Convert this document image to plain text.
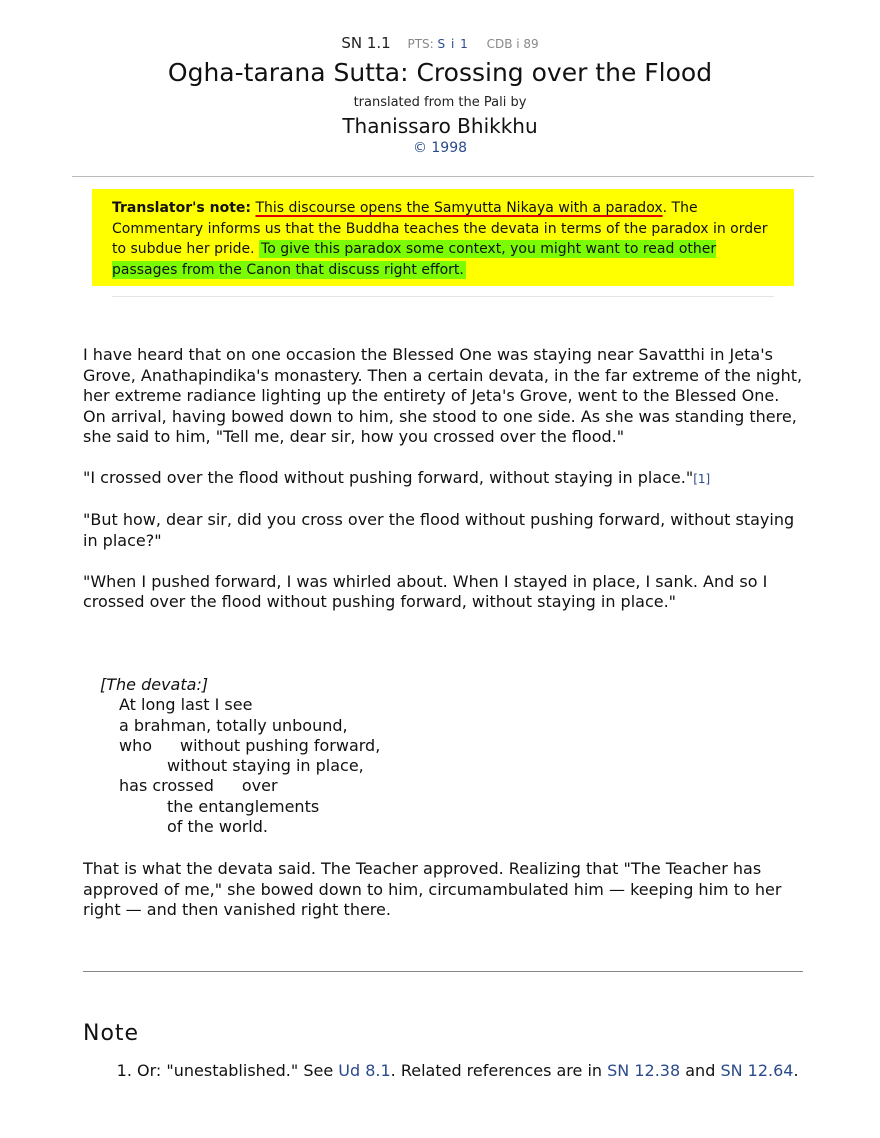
SN 1.1 PTS: S i 1 CDB i 89
Ogha-tarana Sutta: Crossing over the Flood
translated from the Pali by
Thanissaro Bhikkhu
© 1998
Translator's note: This discourse opens the Samyutta Nikaya with a paradox. The Commentary informs us that the Buddha teaches the devata in terms of the paradox in order to subdue her pride. To give this paradox some context, you might want to read other passages from the Canon that discuss right effort.

I have heard that on one occasion the Blessed One was staying near Savatthi in Jeta's Grove, Anathapindika's monastery. Then a certain devata, in the far extreme of the night, her extreme radiance lighting up the entirety of Jeta's Grove, went to the Blessed One. On arrival, having bowed down to him, she stood to one side. As she was standing there, she said to him, "Tell me, dear sir, how you crossed over the flood."

"I crossed over the flood without pushing forward, without staying in place."[1]

"But how, dear sir, did you cross over the flood without pushing forward, without staying in place?"

"When I pushed forward, I was whirled about. When I stayed in place, I sank. And so I crossed over the flood without pushing forward, without staying in place."

[The devata:]
At long last I see
a brahman, totally unbound,
who without pushing forward,
without staying in place,
has crossed over
the entanglements
of the world.
That is what the devata said. The Teacher approved. Realizing that "The Teacher has approved of me," she bowed down to him, circumambulated him — keeping him to her right — and then vanished right there.
Note
1. Or: "unestablished." See Ud 8.1. Related references are in SN 12.38 and SN 12.64.
